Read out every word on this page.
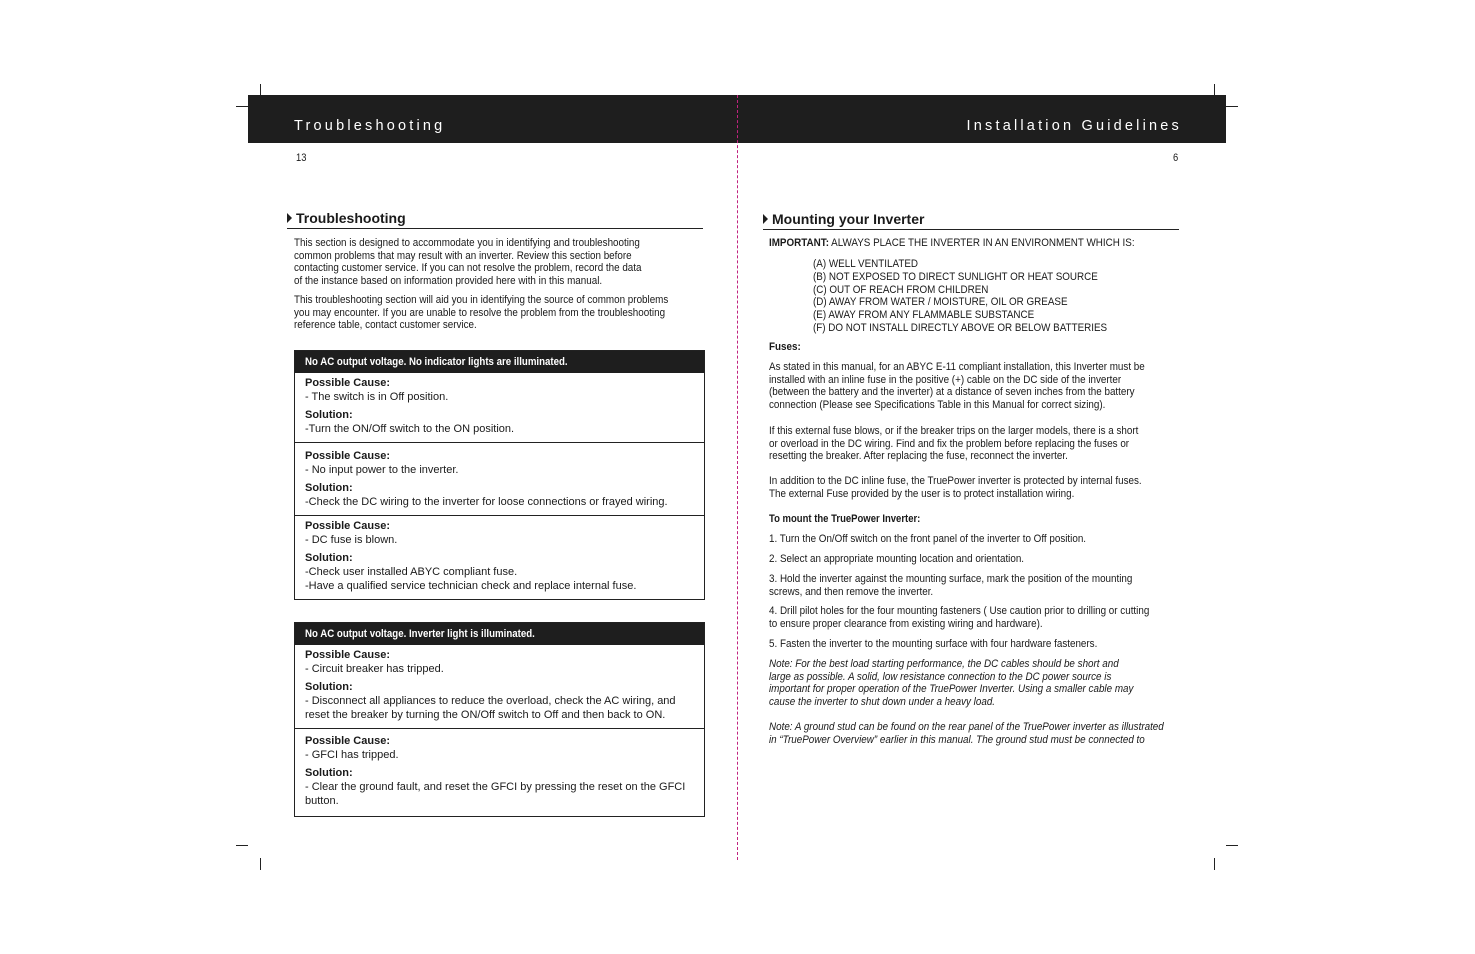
Troubleshooting	Installation Guidelines
13	6
Troubleshooting
This section is designed to accommodate you in identifying and troubleshooting
common problems that may result with an inverter. Review this section before
contacting customer service. If you can not resolve the problem, record the data
of the instance based on information provided here with in this manual.
This troubleshooting section will aid you in identifying the source of common problems
you may encounter. If you are unable to resolve the problem from the troubleshooting
reference table, contact customer service.
No AC output voltage. No indicator lights are illuminated.
Possible Cause:
- The switch is in Off position.
Solution:
-Turn the ON/Off switch to the ON position.
Possible Cause:
- No input power to the inverter.
Solution:
-Check the DC wiring to the inverter for loose connections or frayed wiring.
Possible Cause:
- DC fuse is blown.
Solution:
-Check user installed ABYC compliant fuse.
-Have a qualified service technician check and replace internal fuse.
No AC output voltage. Inverter light is illuminated.
Possible Cause:
- Circuit breaker has tripped.
Solution:
- Disconnect all appliances to reduce the overload, check the AC wiring, and
reset the breaker by turning the ON/Off switch to Off and then back to ON.
Possible Cause:
- GFCI has tripped.
Solution:
- Clear the ground fault, and reset the GFCI by pressing the reset on the GFCI button.
Mounting your Inverter
IMPORTANT: ALWAYS PLACE THE INVERTER IN AN ENVIRONMENT WHICH IS:
(A) WELL VENTILATED
(B) NOT EXPOSED TO DIRECT SUNLIGHT OR HEAT SOURCE
(C) OUT OF REACH FROM CHILDREN
(D) AWAY FROM WATER / MOISTURE, OIL OR GREASE
(E) AWAY FROM ANY FLAMMABLE SUBSTANCE
(F) DO NOT INSTALL DIRECTLY ABOVE OR BELOW BATTERIES
Fuses:
As stated in this manual, for an ABYC E-11 compliant installation, this Inverter must be
installed with an inline fuse in the positive (+) cable on the DC side of the inverter
(between the battery and the inverter) at a distance of seven inches from the battery
connection (Please see Specifications Table in this Manual for correct sizing).
If this external fuse blows, or if the breaker trips on the larger models, there is a short
or overload in the DC wiring. Find and fix the problem before replacing the fuses or
resetting the breaker. After replacing the fuse, reconnect the inverter.
In addition to the DC inline fuse, the TruePower inverter is protected by internal fuses.
The external Fuse provided by the user is to protect installation wiring.
To mount the TruePower Inverter:
1. Turn the On/Off switch on the front panel of the inverter to Off position.
2. Select an appropriate mounting location and orientation.
3. Hold the inverter against the mounting surface, mark the position of the mounting
screws, and then remove the inverter.
4. Drill pilot holes for the four mounting fasteners ( Use caution prior to drilling or cutting
to ensure proper clearance from existing wiring and hardware).
5. Fasten the inverter to the mounting surface with four hardware fasteners.
Note: For the best load starting performance, the DC cables should be short and
large as possible. A solid, low resistance connection to the DC power source is
important for proper operation of the TruePower Inverter. Using a smaller cable may
cause the inverter to shut down under a heavy load.
Note: A ground stud can be found on the rear panel of the TruePower inverter as illustrated
in “TruePower Overview” earlier in this manual. The ground stud must be connected to
